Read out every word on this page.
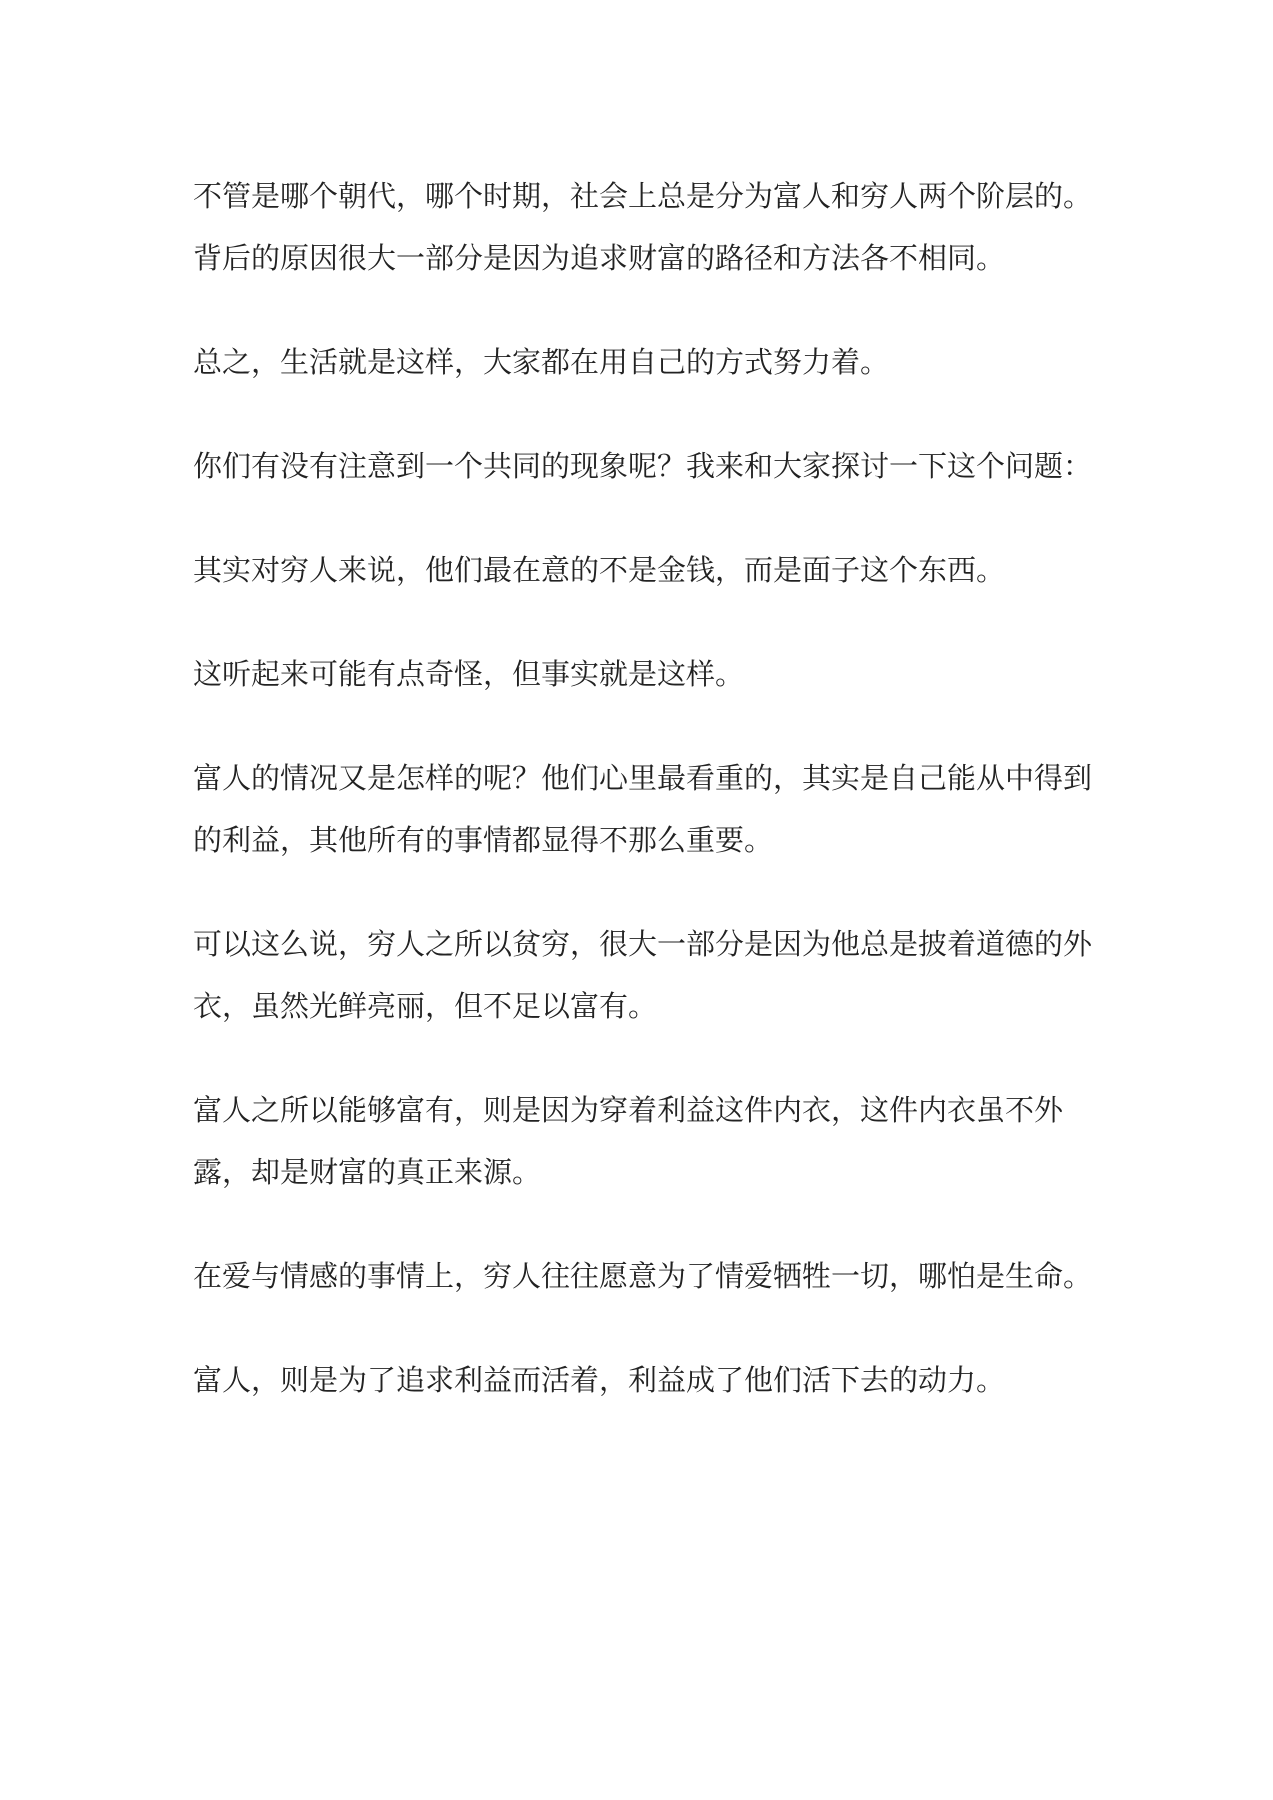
不管是哪个朝代，哪个时期，社会上总是分为富人和穷人两个阶层的。背后的原因很大一部分是因为追求财富的路径和方法各不相同。

总之，生活就是这样，大家都在用自己的方式努力着。

你们有没有注意到一个共同的现象呢？我来和大家探讨一下这个问题：

其实对穷人来说，他们最在意的不是金钱，而是面子这个东西。

这听起来可能有点奇怪，但事实就是这样。

富人的情况又是怎样的呢？他们心里最看重的，其实是自己能从中得到的利益，其他所有的事情都显得不那么重要。

可以这么说，穷人之所以贫穷，很大一部分是因为他总是披着道德的外衣，虽然光鲜亮丽，但不足以富有。

富人之所以能够富有，则是因为穿着利益这件内衣，这件内衣虽不外露，却是财富的真正来源。

在爱与情感的事情上，穷人往往愿意为了情爱牺牲一切，哪怕是生命。

富人，则是为了追求利益而活着，利益成了他们活下去的动力。
